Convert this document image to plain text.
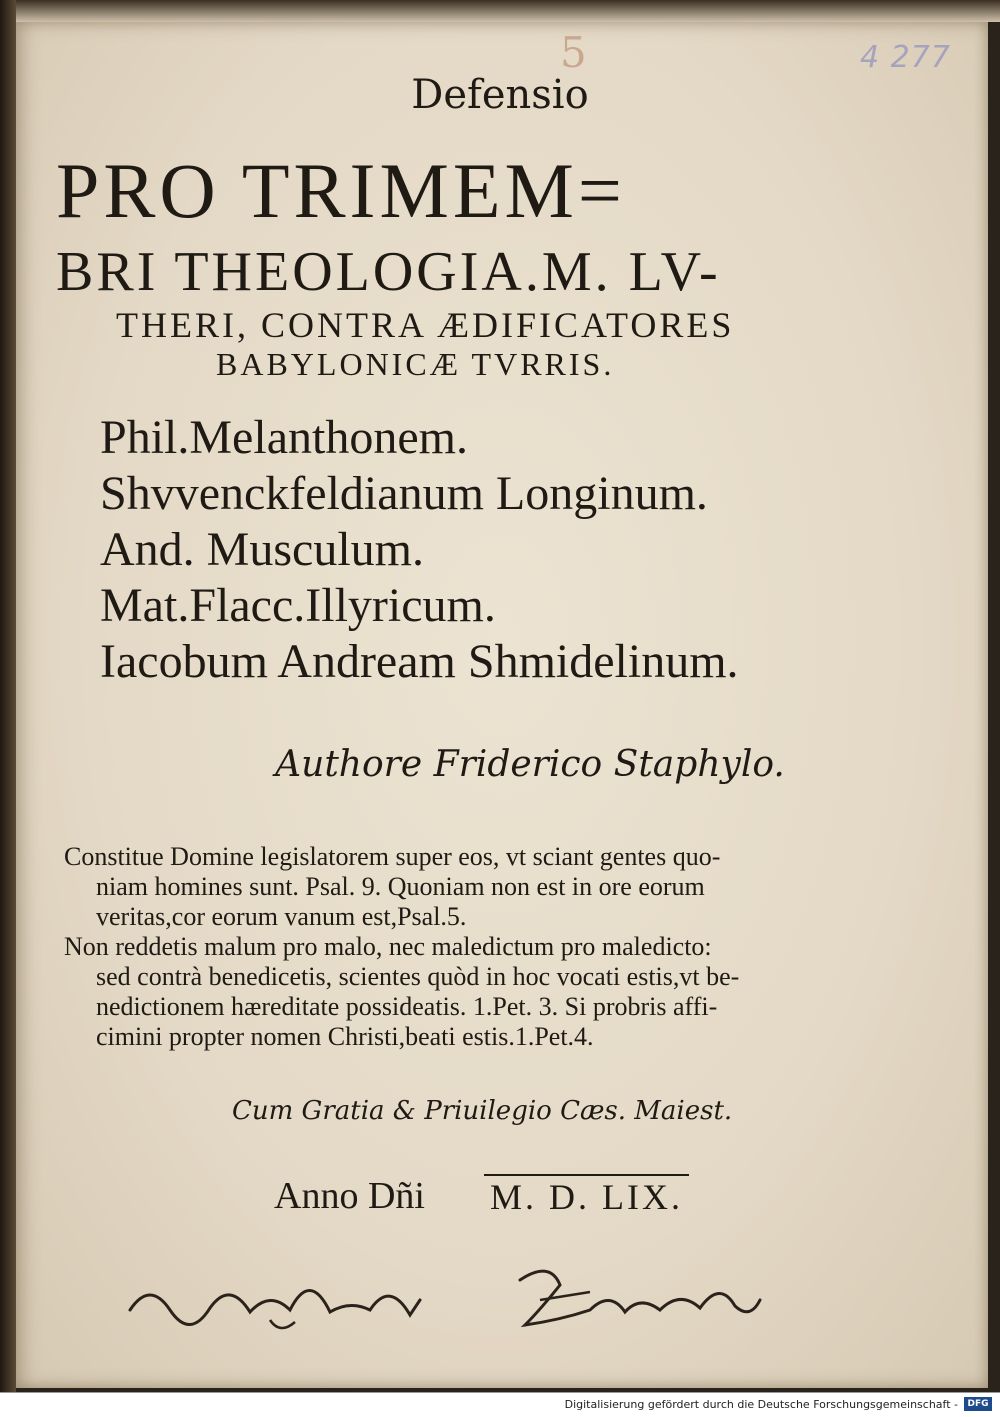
4 277
5
Defensio
PRO TRIMEM=
BRI THEOLOGIA.M. LV-
THERI, CONTRA ÆDIFICATORES
BABYLONICÆ TVRRIS.
Phil.Melanthonem.
Shvvenckfeldianum Longinum.
And. Musculum.
Mat.Flacc.Illyricum.
Iacobum Andream Shmidelinum.
Authore Friderico Staphylo.
Constitue Domine legislatorem super eos, vt sciant gentes quo-
niam homines sunt. Psal. 9. Quoniam non est in ore eorum
veritas,cor eorum vanum est,Psal.5.
Non reddetis malum pro malo, nec maledictum pro maledicto:
sed contrà benedicetis, scientes quòd in hoc vocati estis,vt be-
nedictionem hæreditate possideatis. 1.Pet. 3. Si probris affi-
cimini propter nomen Christi,beati estis.1.Pet.4.
Cum Gratia & Priuilegio Cæs. Maiest.
Anno Dñi M. D. LIX.
Digitalisierung gefördert durch die Deutsche Forschungsgemeinschaft -	DFG
